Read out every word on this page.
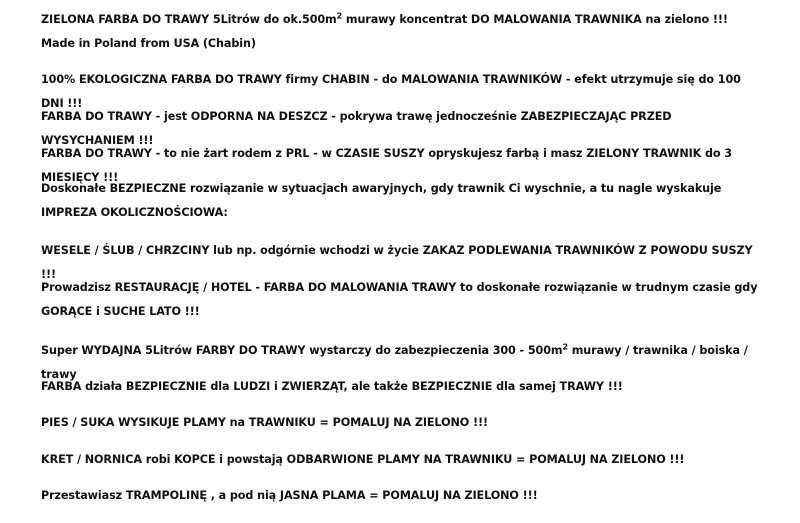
ZIELONA FARBA DO TRAWY 5Litrów do $ok.500m^2$ murawy koncentrat DO MALOWANIA TRAWNIKA na zielono !!! Made in Poland from USA (Chabin)

100% EKOLOGICZNA FARBA DO TRAWY firmy CHABIN - do MALOWANIA TRAWNIKÓW - efekt utrzymuje się do 100 DNI !!!

FARBA DO TRAWY - jest ODPORNA NA DESZCZ - pokrywa trawę jednocześnie ZABEZPIECZAJĄC PRZED WYSYCHANIEM !!!

FARBA DO TRAWY - to nie żart rodem z PRL - w CZASIE SUSZY opryskujesz farbą i masz ZIELONY TRAWNIK do 3 MIESIĘCY !!!

Doskonałe BEZPIECZNE rozwiązanie w sytuacjach awaryjnych, gdy trawnik Ci wyschnie, a tu nagle wyskakuje IMPREZA OKOLICZNOŚCIOWA:

WESELE / ŚLUB / CHRZCINY lub np. odgórnie wchodzi w życie ZAKAZ PODLEWANIA TRAWNIKÓW Z POWODU SUSZY !!!

Prowadzisz RESTAURACJĘ / HOTEL - FARBA DO MALOWANIA TRAWY to doskonałe rozwiązanie w trudnym czasie gdy GORĄCE i SUCHE LATO !!!

Super WYDAJNA 5Litrów FARBY DO TRAWY wystarczy do zabezpieczenia $300 - 500m^2$ murawy / trawnika / boiska / trawy

FARBA działa BEZPIECZNIE dla LUDZI i ZWIERZĄT, ale także BEZPIECZNIE dla samej TRAWY !!!

PIES / SUKA WYSIKUJE PLAMY na TRAWNIKU = POMALUJ NA ZIELONO !!!

KRET / NORNICA robi KOPCE i powstają ODBARWIONE PLAMY NA TRAWNIKU = POMALUJ NA ZIELONO !!!

Przestawiasz TRAMPOLINĘ , a pod nią JASNA PLAMA = POMALUJ NA ZIELONO !!!
